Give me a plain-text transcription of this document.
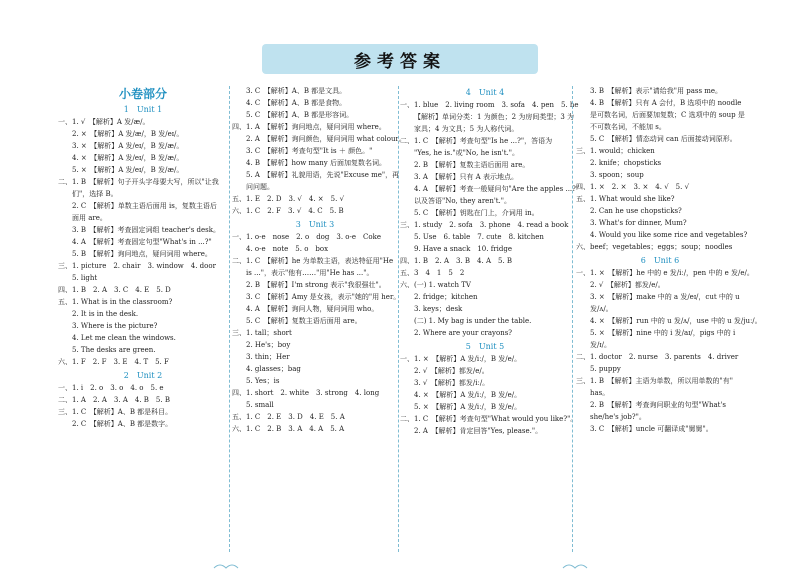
参考答案
小卷部分
1　Unit 1
一、1. √　【解析】A 发/æ/。
2. ×　【解析】A 发/æ/，B 发/eɪ/。
3. ×　【解析】A 发/eɪ/，B 发/æ/。
4. ×　【解析】A 发/eɪ/，B 发/æ/。
5. ×　【解析】A 发/eɪ/，B 发/æ/。
二、1. B　【解析】句子开头字母要大写，所以"让我
们"，选择 B。
2. C　【解析】单数主语后面用 is，复数主语后
面用 are。
3. B　【解析】考查固定词组 teacher's desk。
4. A　【解析】考查固定句型"What's in ...?"
5. B　【解析】询问地点，疑问词用 where。
三、1. picture　2. chair　3. window　4. door
5. light
四、1. B　2. A　3. C　4. E　5. D
五、1. What is in the classroom?
2. It is in the desk.
3. Where is the picture?
4. Let me clean the windows.
5. The desks are green.
六、1. F　2. F　3. E　4. T　5. F
2　Unit 2
一、1. i　2. o　3. o　4. o　5. e
二、1. A　2. A　3. A　4. B　5. B
三、1. C　【解析】A、B 都是科目。
2. C　【解析】A、B 都是数字。
3. C　【解析】A、B 都是文具。
4. C　【解析】A、B 都是食物。
5. C　【解析】A、B 都是形容词。
四、1. A　【解析】询问地点，疑问词用 where。
2. A　【解析】询问颜色，疑问词用 what colour。
3. C　【解析】考查句型"It is ＋ 颜色。"
4. B　【解析】how many 后面加复数名词。
5. A　【解析】礼貌用语，先说"Excuse me"，再
问问题。
五、1. E　2. D　3. √　4. ×　5. √
六、1. C　2. F　3. √　4. C　5. B
3　Unit 3
一、1. o-e　nose　2. o　dog　3. o-e　Coke
4. o-e　note　5. o　box
二、1. C　【解析】he 为单数主语，表达特征用"He
is ..."，表示"他有……"用"He has ..."。
2. B　【解析】I'm strong 表示"我很强壮"。
3. C　【解析】Amy 是女孩，表示"她的"用 her。
4. A　【解析】询问人物，疑问词用 who。
5. C　【解析】复数主语后面用 are。
三、1. tall；short
2. He's；boy
3. thin；Her
4. glasses；bag
5. Yes；is
四、1. short　2. white　3. strong　4. long
5. small
五、1. C　2. E　3. D　4. E　5. A
六、1. C　2. B　3. A　4. A　5. A
4　Unit 4
一、1. blue　2. living room　3. sofa　4. pen　5. he
【解析】单词分类：1 为颜色；2 为房间类型；3 为
家具；4 为文具；5 为人称代词。
二、1. C　【解析】考查句型"Is he ...?"，答语为
"Yes, he is."或"No, he isn't."。
2. B　【解析】复数主语后面用 are。
3. A　【解析】只有 A 表示地点。
4. A　【解析】考查一般疑问句"Are the apples ...?"
以及答语"No, they aren't."。
5. C　【解析】钥匙在门上，介词用 in。
三、1. study　2. sofa　3. phone　4. read a book
5. Use　6. table　7. cute　8. kitchen
9. Have a snack　10. fridge
四、1. B　2. A　3. B　4. A　5. B
五、3　4　1　5　2
六、(一) 1. watch TV
2. fridge；kitchen
3. keys；desk
(二) 1. My bag is under the table.
2. Where are your crayons?
5　Unit 5
一、1. ×　【解析】A 发/iː/，B 发/e/。
2. √　【解析】都发/e/。
3. √　【解析】都发/iː/。
4. ×　【解析】A 发/iː/，B 发/e/。
5. ×　【解析】A 发/iː/，B 发/e/。
二、1. C　【解析】考查句型"What would you like?"。
2. A　【解析】肯定回答"Yes, please."。
3. B　【解析】表示"请给我"用 pass me。
4. B　【解析】只有 A 会付，B 选项中的 noodle
是可数名词，后面要加复数；C 选项中的 soup 是
不可数名词，不能加 s。
5. C　【解析】情态动词 can 后面接动词原形。
三、1. would；chicken
2. knife；chopsticks
3. spoon；soup
四、1. ×　2. ×　3. ×　4. √　5. √
五、1. What would she like?
2. Can he use chopsticks?
3. What's for dinner, Mum?
4. Would you like some rice and vegetables?
六、beef；vegetables；eggs；soup；noodles
6　Unit 6
一、1. ×　【解析】he 中的 e 发/iː/，pen 中的 e 发/e/。
2. √　【解析】都发/e/。
3. ×　【解析】make 中的 a 发/eɪ/，cut 中的 u
发/ʌ/。
4. ×　【解析】run 中的 u 发/ʌ/，use 中的 u 发/juː/。
5. ×　【解析】nine 中的 i 发/aɪ/，pigs 中的 i
发/ɪ/。
二、1. doctor　2. nurse　3. parents　4. driver
5. puppy
三、1. B　【解析】主语为单数，所以用单数的"有"
has。
2. B　【解析】考查询问职业的句型"What's
she/he's job?"。
3. C　【解析】uncle 可翻译成"舅舅"。
